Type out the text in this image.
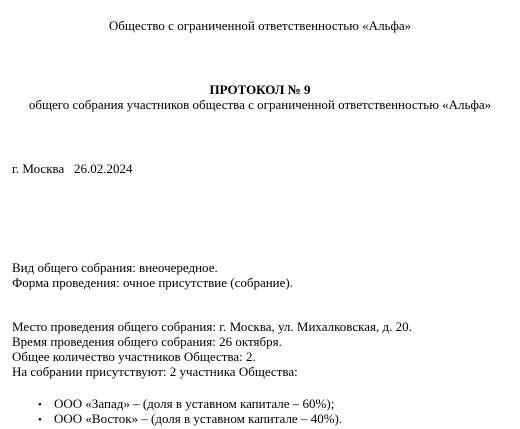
Общество с ограниченной ответственностью «Альфа»
ПРОТОКОЛ № 9
общего собрания участников общества с ограниченной ответственностью «Альфа»
г. Москва 26.02.2024
Вид общего собрания: внеочередное.
Форма проведения: очное присутствие (собрание).
Место проведения общего собрания: г. Москва, ул. Михалковская, д. 20.
Время проведения общего собрания: 26 октября.
Общее количество участников Общества: 2.
На собрании присутствуют: 2 участника Общества:
• ООО «Запад» – (доля в уставном капитале – 60%);
• ООО «Восток» – (доля в уставном капитале – 40%).
